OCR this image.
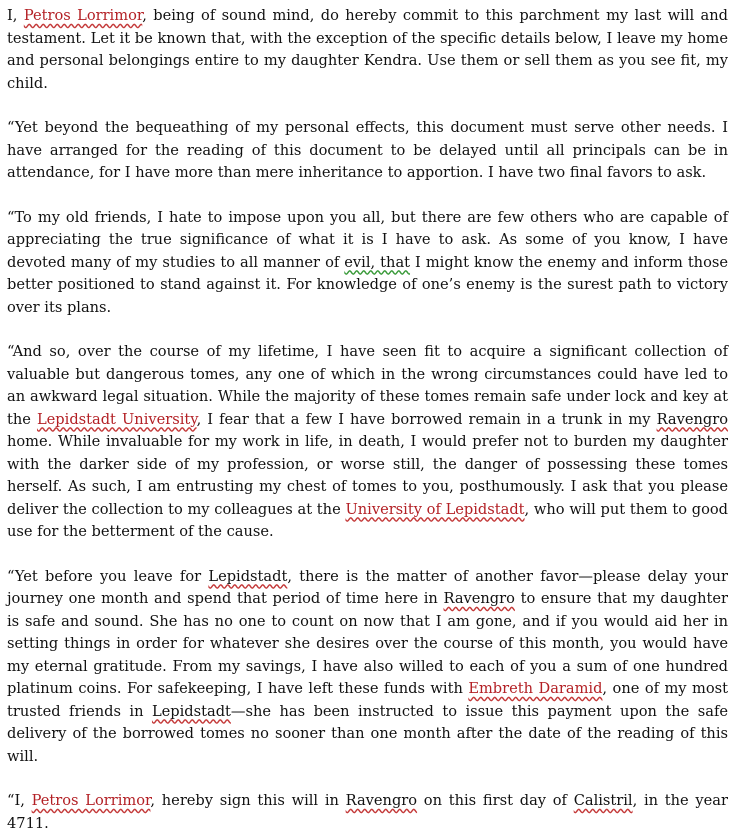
I, Petros Lorrimor, being of sound mind, do hereby commit to this parchment my last will and testament. Let it be known that, with the exception of the specific details below, I leave my home and personal belongings entire to my daughter Kendra. Use them or sell them as you see fit, my child.

“Yet beyond the bequeathing of my personal effects, this document must serve other needs. I have arranged for the reading of this document to be delayed until all principals can be in attendance, for I have more than mere inheritance to apportion. I have two final favors to ask.

“To my old friends, I hate to impose upon you all, but there are few others who are capable of appreciating the true significance of what it is I have to ask. As some of you know, I have devoted many of my studies to all manner of evil, that I might know the enemy and inform those better positioned to stand against it. For knowledge of one’s enemy is the surest path to victory over its plans.

“And so, over the course of my lifetime, I have seen fit to acquire a significant collection of valuable but dangerous tomes, any one of which in the wrong circumstances could have led to an awkward legal situation. While the majority of these tomes remain safe under lock and key at the Lepidstadt University, I fear that a few I have borrowed remain in a trunk in my Ravengro home. While invaluable for my work in life, in death, I would prefer not to burden my daughter with the darker side of my profession, or worse still, the danger of possessing these tomes herself. As such, I am entrusting my chest of tomes to you, posthumously. I ask that you please deliver the collection to my colleagues at the University of Lepidstadt, who will put them to good use for the betterment of the cause.

“Yet before you leave for Lepidstadt, there is the matter of another favor—please delay your journey one month and spend that period of time here in Ravengro to ensure that my daughter is safe and sound. She has no one to count on now that I am gone, and if you would aid her in setting things in order for whatever she desires over the course of this month, you would have my eternal gratitude. From my savings, I have also willed to each of you a sum of one hundred platinum coins. For safekeeping, I have left these funds with Embreth Daramid, one of my most trusted friends in Lepidstadt—she has been instructed to issue this payment upon the safe delivery of the borrowed tomes no sooner than one month after the date of the reading of this will.

“I, Petros Lorrimor, hereby sign this will in Ravengro on this first day of Calistril, in the year 4711.
